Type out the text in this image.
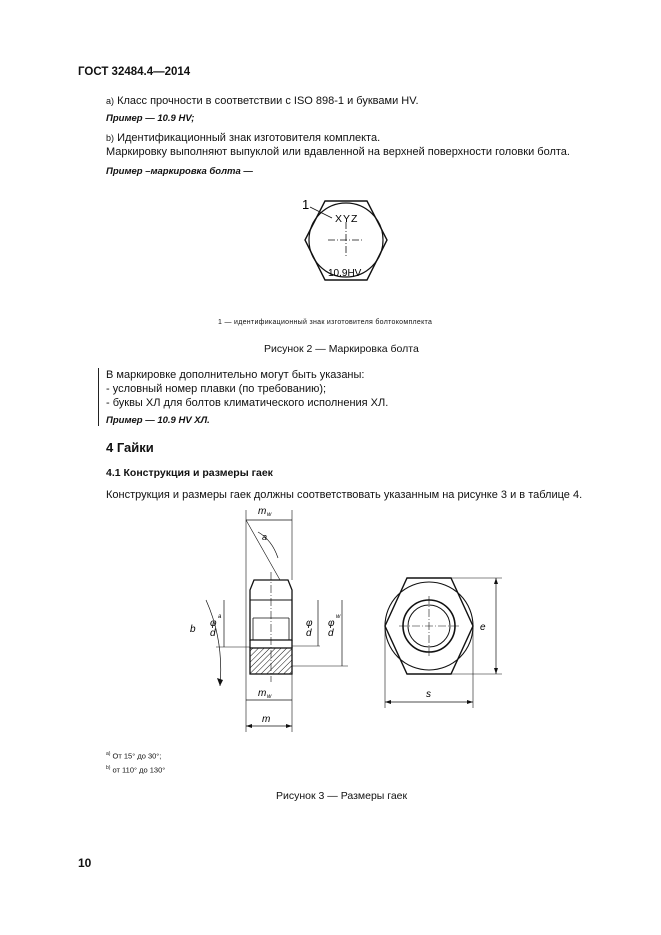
ГОСТ 32484.4—2014
а) Класс прочности в соответствии с ISO 898-1 и буквами HV.
Пример — 10.9 HV;
b) Идентификационный знак изготовителя комплекта.
Маркировку выполняют выпуклой или вдавленной на верхней поверхности головки болта.
Пример –маркировка болта —
1
XYZ
10.9HV
1 — идентификационный знак изготовителя болтокомплекта
Рисунок 2 — Маркировка болта
В маркировке дополнительно могут быть указаны:
- условный номер плавки (по требованию);
- буквы ХЛ для болтов климатического исполнения ХЛ.
Пример — 10.9 HV ХЛ.
4 Гайки
4.1 Конструкция и размеры гаек
Конструкция и размеры гаек должны соответствовать указанным на рисунке 3 и в таблице 4.
m w
a
b
φ
d
a
φ
d
φ
d
w
m w
m
e
s
$^{a)}$ От 15° до 30°;
$^{b)}$ от 110° до 130°
Рисунок 3 — Размеры гаек
10
